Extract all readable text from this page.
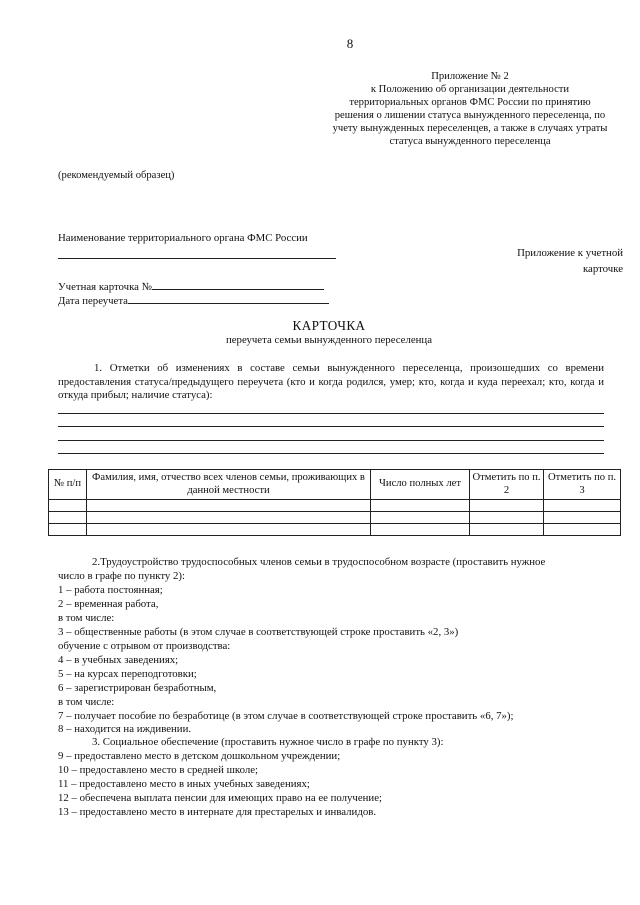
8
Приложение № 2
к Положению об организации деятельности
территориальных органов ФМС России по принятию
решения о лишении статуса вынужденного переселенца, по
учету вынужденных переселенцев, а также в случаях утраты
статуса вынужденного переселенца
(рекомендуемый образец)
Наименование территориального органа ФМС России
Приложение к учетной
карточке
Учетная карточка №
Дата переучета
КАРТОЧКА
переучета семьи вынужденного переселенца
1. Отметки об изменениях в составе семьи вынужденного переселенца, произошедших со времени предоставления статуса/предыдущего переучета (кто и когда родился, умер; кто, когда и куда переехал; кто, когда и откуда прибыл; наличие статуса):
№ п/п	Фамилия, имя, отчество всех членов семьи, проживающих в данной местности	Число полных лет	Отметить по п. 2	Отметить по п. 3

2.Трудоустройство трудоспособных членов семьи в трудоспособном возрасте (проставить нужное
число в графе по пункту 2):
1 – работа постоянная;
2 – временная работа,
в том числе:
3 – общественные работы (в этом случае в соответствующей строке проставить «2, 3»)
обучение с отрывом от производства:
4 – в учебных заведениях;
5 – на курсах переподготовки;
6 – зарегистрирован безработным,
в том числе:
7 – получает пособие по безработице (в этом случае в соответствующей строке проставить «6, 7»);
8 – находится на иждивении.
3. Социальное обеспечение (проставить нужное число в графе по пункту 3):
9 – предоставлено место в детском дошкольном учреждении;
10 – предоставлено место в средней школе;
11 – предоставлено место в иных учебных заведениях;
12 – обеспечена выплата пенсии для имеющих право на ее получение;
13 – предоставлено место в интернате для престарелых и инвалидов.
